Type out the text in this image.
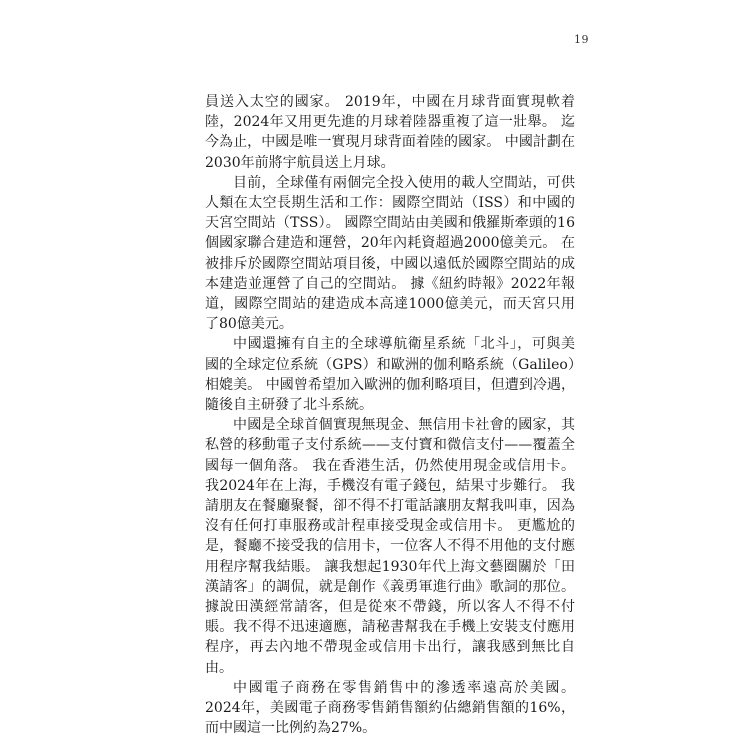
19

員送入太空的國家。 2019年，中國在月球背面實現軟着陸，2024年又用更先進的月球着陸器重複了這一壯舉。 迄今為止，中國是唯一實現月球背面着陸的國家。 中國計劃在2030年前將宇航員送上月球。

目前，全球僅有兩個完全投入使用的載人空間站，可供人類在太空長期生活和工作：國際空間站（ISS）和中國的天宮空間站（TSS）。 國際空間站由美國和俄羅斯牽頭的16個國家聯合建造和運營，20年內耗資超過2000億美元。 在被排斥於國際空間站項目後，中國以遠低於國際空間站的成本建造並運營了自己的空間站。 據《紐約時報》2022年報道，國際空間站的建造成本高達1000億美元，而天宮只用了80億美元。

中國還擁有自主的全球導航衛星系統「北斗」，可與美國的全球定位系統（GPS）和歐洲的伽利略系統（Galileo）相媲美。 中國曾希望加入歐洲的伽利略項目，但遭到冷遇，隨後自主研發了北斗系統。

中國是全球首個實現無現金、無信用卡社會的國家，其私營的移動電子支付系統——支付寶和微信支付——覆蓋全國每一個角落。 我在香港生活，仍然使用現金或信用卡。 我2024年在上海，手機沒有電子錢包，結果寸步難行。 我請朋友在餐廳聚餐，卻不得不打電話讓朋友幫我叫車，因為沒有任何打車服務或計程車接受現金或信用卡。 更尷尬的是，餐廳不接受我的信用卡，一位客人不得不用他的支付應用程序幫我結賬。 讓我想起1930年代上海文藝圈關於「田漢請客」的調侃，就是創作《義勇軍進行曲》歌詞的那位。據說田漢經常請客，但是從來不帶錢，所以客人不得不付賬。我不得不迅速適應，請秘書幫我在手機上安裝支付應用程序，再去內地不帶現金或信用卡出行，讓我感到無比自由。

中國電子商務在零售銷售中的滲透率遠高於美國。 2024年，美國電子商務零售銷售額約佔總銷售額的16%，而中國這一比例約為27%。
